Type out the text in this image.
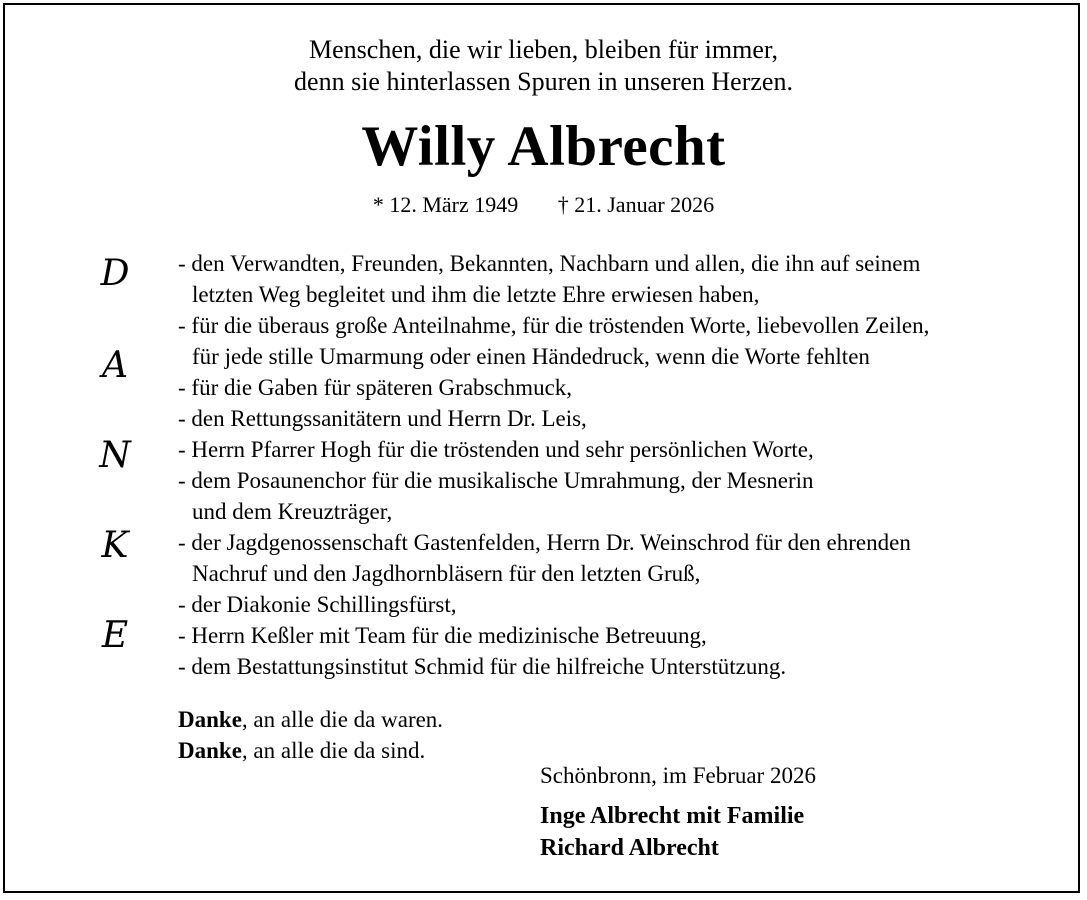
Menschen, die wir lieben, bleiben für immer,
denn sie hinterlassen Spuren in unseren Herzen.
Willy Albrecht
* 12. März 1949 † 21. Januar 2026
D
A
N
K
E
- den Verwandten, Freunden, Bekannten, Nachbarn und allen, die ihn auf seinem
letzten Weg begleitet und ihm die letzte Ehre erwiesen haben,
- für die überaus große Anteilnahme, für die tröstenden Worte, liebevollen Zeilen,
für jede stille Umarmung oder einen Händedruck, wenn die Worte fehlten
- für die Gaben für späteren Grabschmuck,
- den Rettungssanitätern und Herrn Dr. Leis,
- Herrn Pfarrer Hogh für die tröstenden und sehr persönlichen Worte,
- dem Posaunenchor für die musikalische Umrahmung, der Mesnerin
und dem Kreuzträger,
- der Jagdgenossenschaft Gastenfelden, Herrn Dr. Weinschrod für den ehrenden
Nachruf und den Jagdhornbläsern für den letzten Gruß,
- der Diakonie Schillingsfürst,
- Herrn Keßler mit Team für die medizinische Betreuung,
- dem Bestattungsinstitut Schmid für die hilfreiche Unterstützung.
Danke, an alle die da waren.
Danke, an alle die da sind.
Schönbronn, im Februar 2026
Inge Albrecht mit Familie
Richard Albrecht
